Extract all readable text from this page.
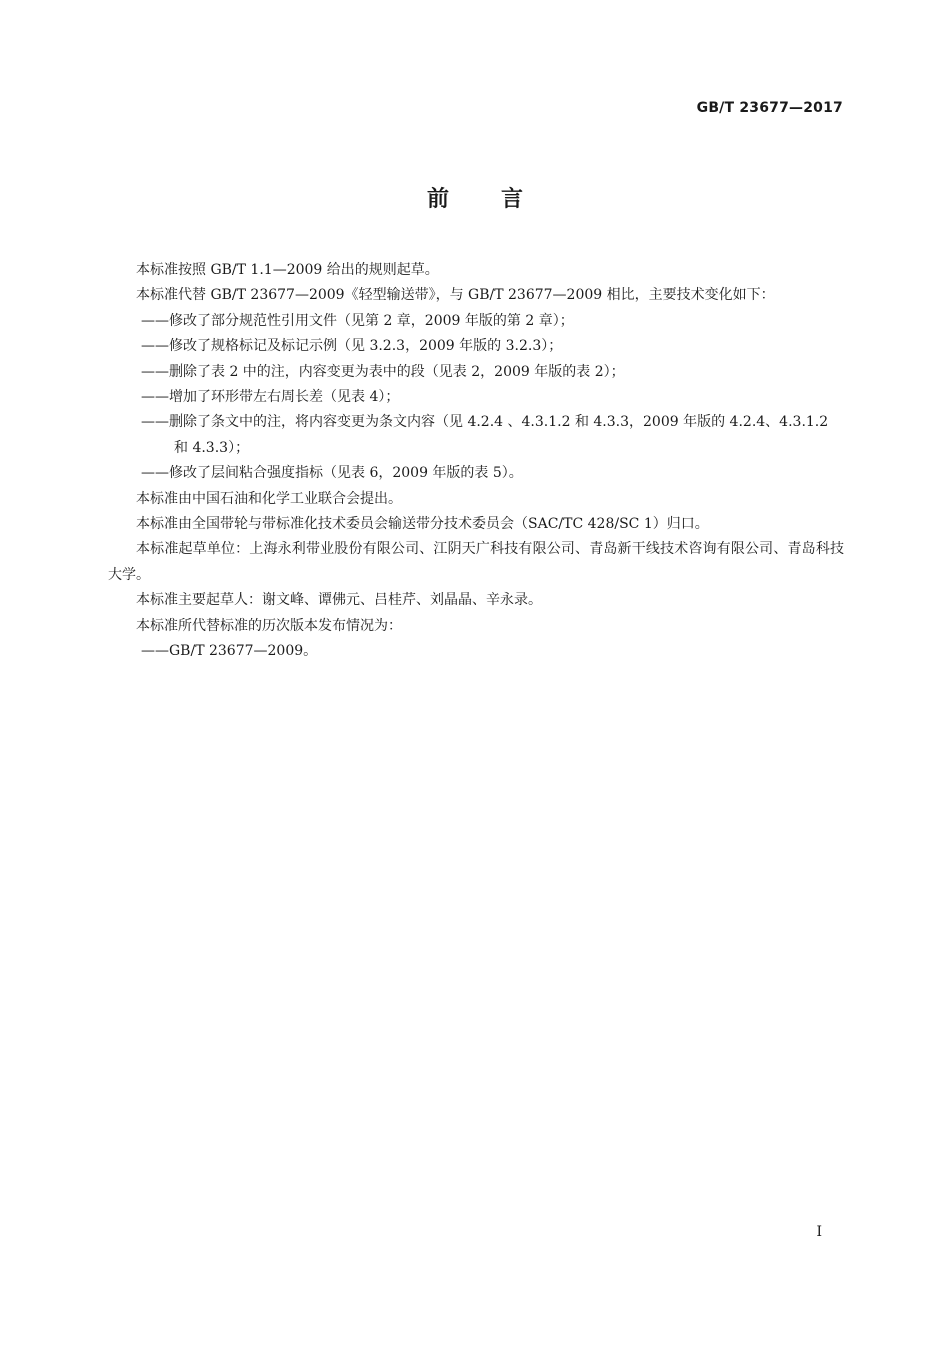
GB/T 23677—2017
前言

本标准按照 GB/T 1.1—2009 给出的规则起草。

本标准代替 GB/T 23677—2009《轻型输送带》，与 GB/T 23677—2009 相比，主要技术变化如下：

——修改了部分规范性引用文件（见第 2 章，2009 年版的第 2 章）；

——修改了规格标记及标记示例（见 3.2.3，2009 年版的 3.2.3）；

——删除了表 2 中的注，内容变更为表中的段（见表 2，2009 年版的表 2）；

——增加了环形带左右周长差（见表 4）；

——删除了条文中的注，将内容变更为条文内容（见 4.2.4 、4.3.1.2 和 4.3.3，2009 年版的 4.2.4、4.3.1.2 和 4.3.3）；

——修改了层间粘合强度指标（见表 6，2009 年版的表 5）。

本标准由中国石油和化学工业联合会提出。

本标准由全国带轮与带标准化技术委员会输送带分技术委员会（SAC/TC 428/SC 1）归口。

本标准起草单位：上海永利带业股份有限公司、江阴天广科技有限公司、青岛新干线技术咨询有限公司、青岛科技大学。

本标准主要起草人：谢文峰、谭佛元、吕桂芹、刘晶晶、辛永录。

本标准所代替标准的历次版本发布情况为：

——GB/T 23677—2009。

I
